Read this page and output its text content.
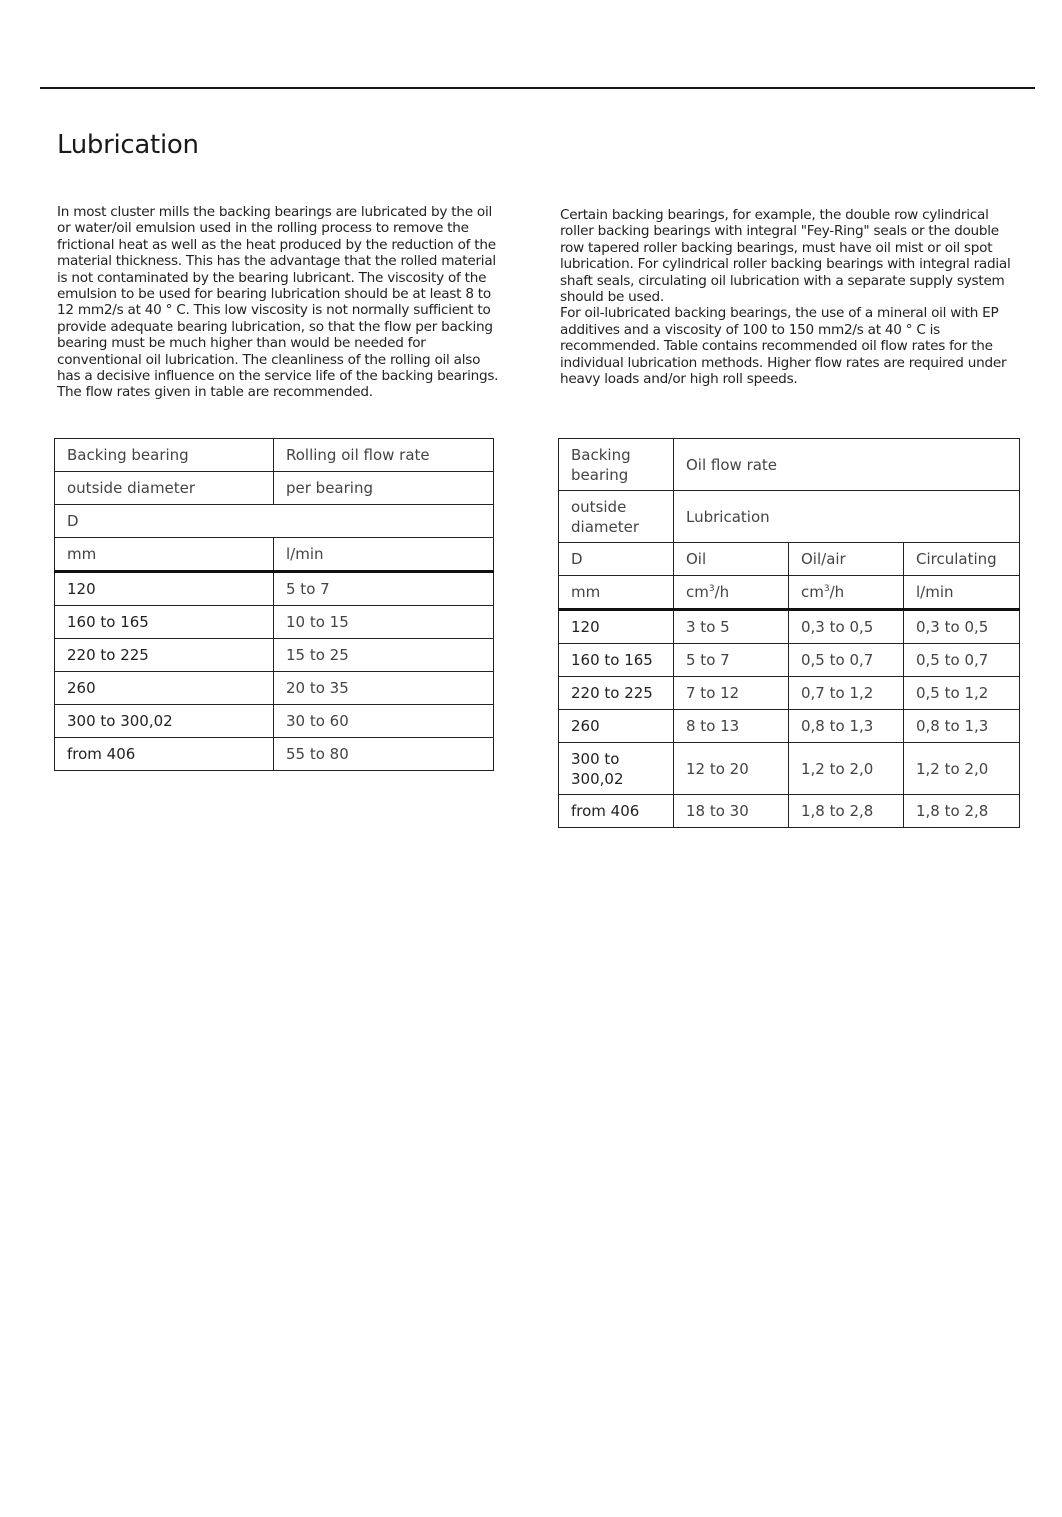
Lubrication

In most cluster mills the backing bearings are lubricated by the oil or water/oil emulsion used in the rolling process to remove the frictional heat as well as the heat produced by the reduction of the material thickness. This has the advantage that the rolled material is not contaminated by the bearing lubricant. The viscosity of the emulsion to be used for bearing lubrication should be at least 8 to 12 mm2/s at 40 ° C. This low viscosity is not normally sufficient to provide adequate bearing lubrication, so that the flow per backing bearing must be much higher than would be needed for conventional oil lubrication. The cleanliness of the rolling oil also has a decisive influence on the service life of the backing bearings. The flow rates given in table are recommended.

Certain backing bearings, for example, the double row cylindrical roller backing bearings with integral "Fey-Ring" seals or the double row tapered roller backing bearings, must have oil mist or oil spot lubrication. For cylindrical roller backing bearings with integral radial shaft seals, circulating oil lubrication with a separate supply system should be used.

For oil-lubricated backing bearings, the use of a mineral oil with EP additives and a viscosity of 100 to 150 mm2/s at 40 ° C is recommended. Table contains recommended oil flow rates for the individual lubrication methods. Higher flow rates are required under heavy loads and/or high roll speeds.

Backing bearing	Rolling oil flow rate
outside diameter	per bearing
D	
mm	l/min
120	5 to 7
160 to 165	10 to 15
220 to 225	15 to 25
260	20 to 35
300 to 300,02	30 to 60
from 406	55 to 80
Backing bearing	Oil flow rate		
outside diameter	Lubrication		
D	Oil	Oil/air	Circulating
mm	$cm^3/h$	$cm^3/h$	l/min
120	3 to 5	0,3 to 0,5	0,3 to 0,5
160 to 165	5 to 7	0,5 to 0,7	0,5 to 0,7
220 to 225	7 to 12	0,7 to 1,2	0,5 to 1,2
260	8 to 13	0,8 to 1,3	0,8 to 1,3
300 to 300,02	12 to 20	1,2 to 2,0	1,2 to 2,0
from 406	18 to 30	1,8 to 2,8	1,8 to 2,8
